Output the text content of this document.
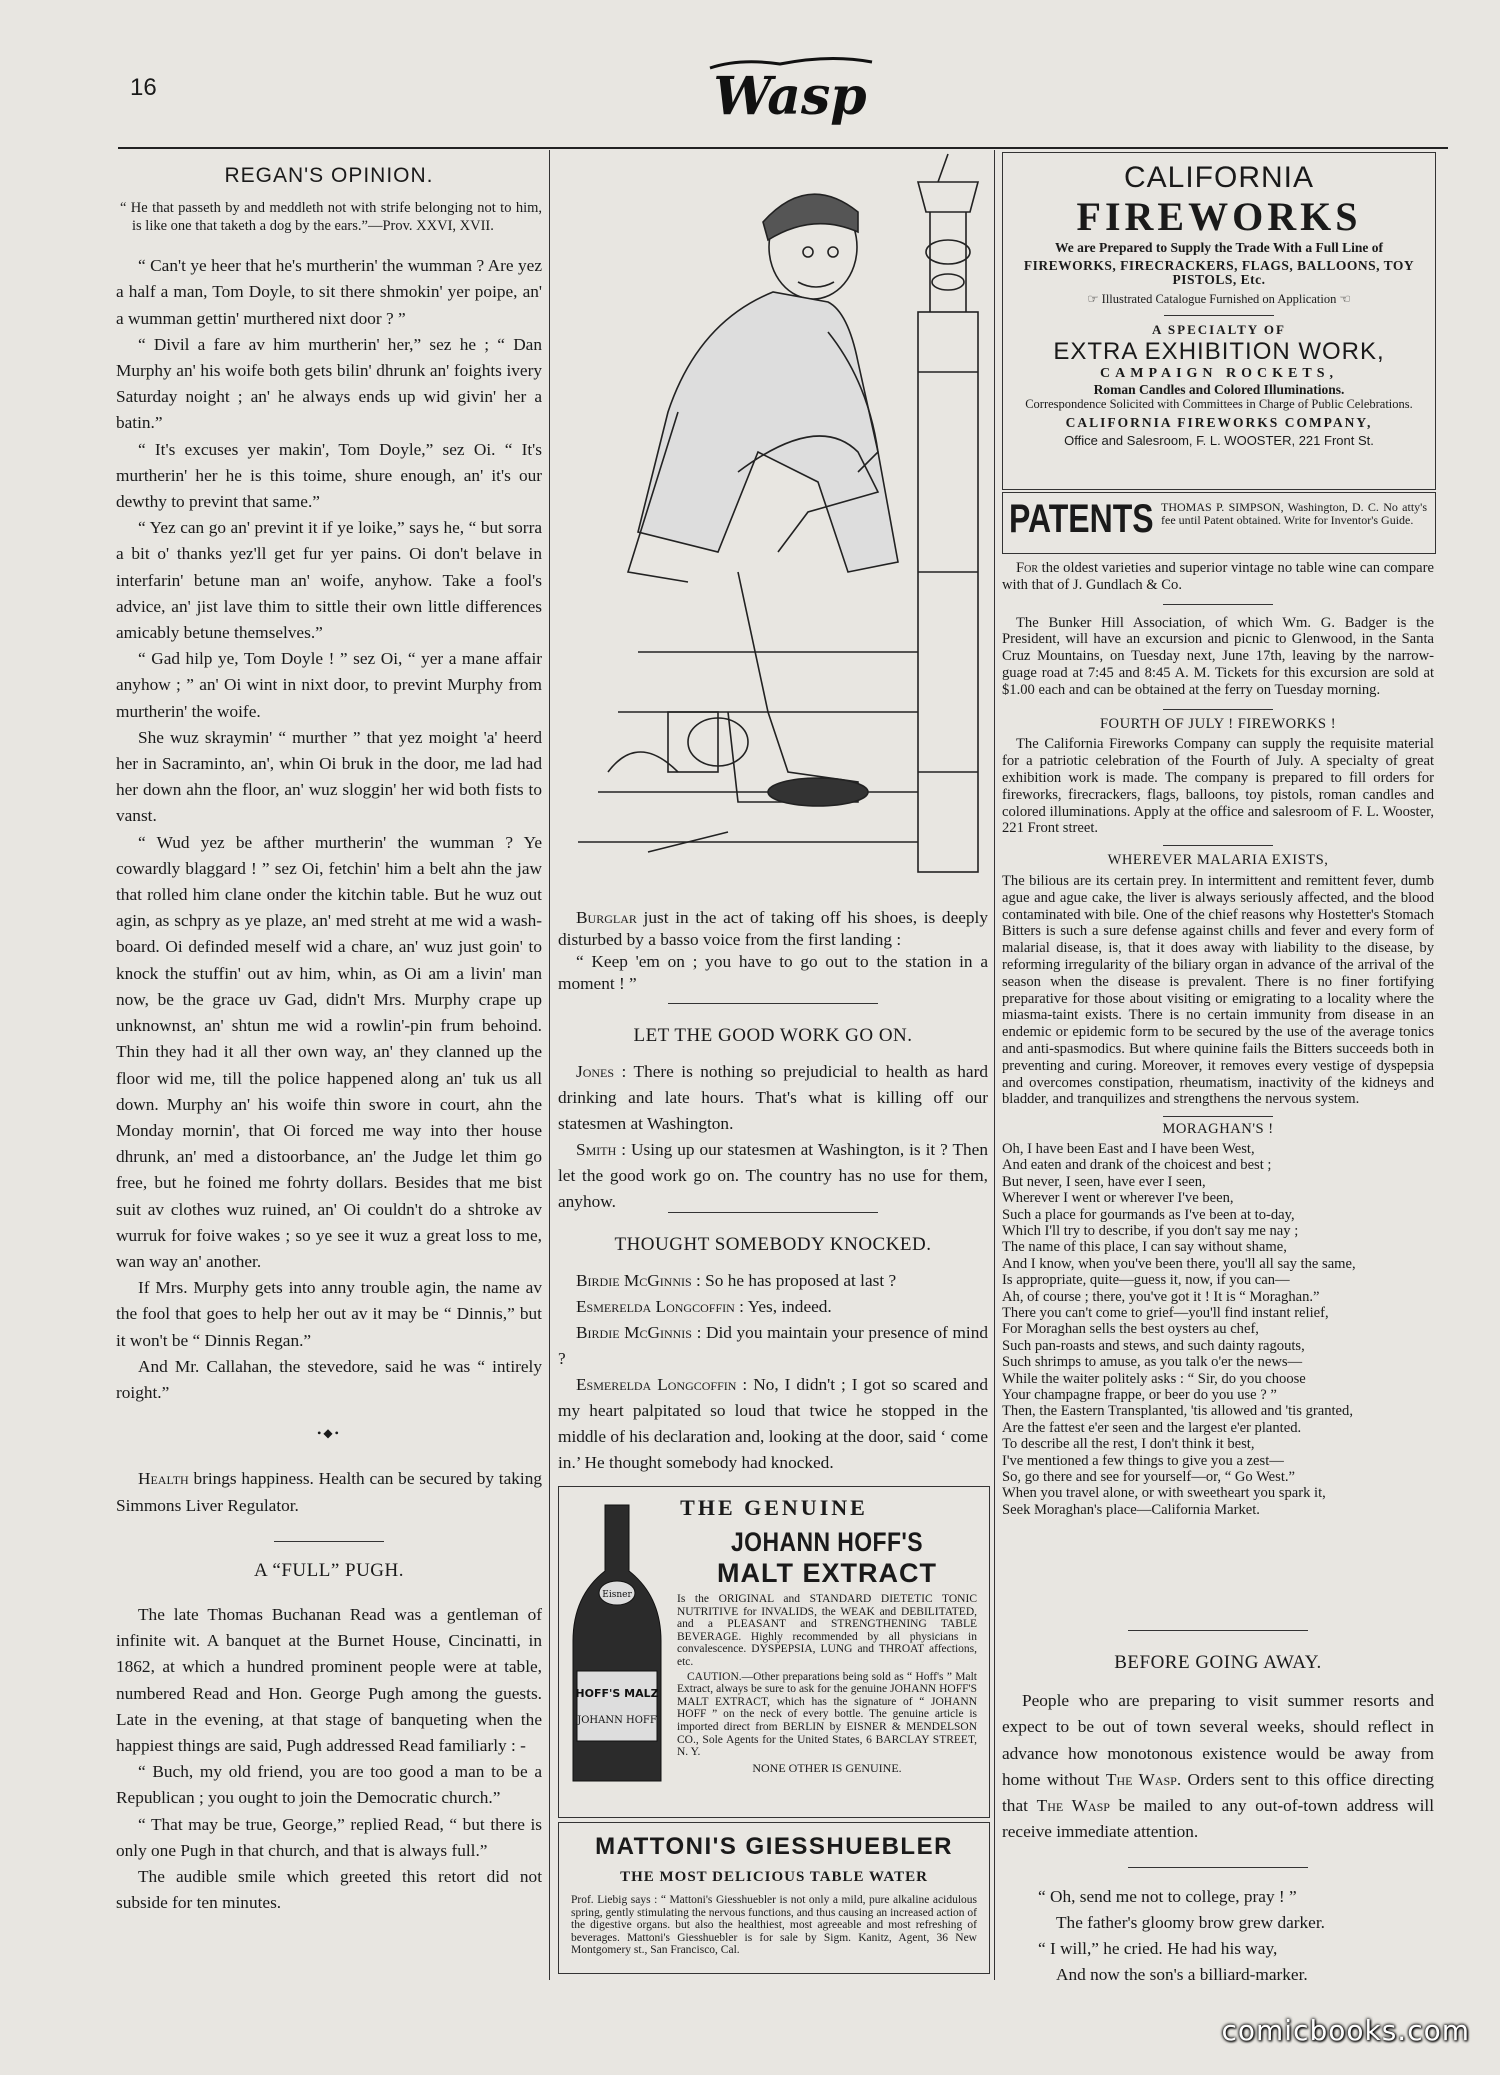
16	Wasp
REGAN'S OPINION.
“ He that passeth by and meddleth not with strife belonging not to him, is like one that taketh a dog by the ears.”—Prov. XXVI, XVII.

“ Can't ye heer that he's murtherin' the wumman ? Are yez a half a man, Tom Doyle, to sit there shmokin' yer poipe, an' a wumman gettin' murthered nixt door ? ”

“ Divil a fare av him murtherin' her,” sez he ; “ Dan Murphy an' his woife both gets bilin' dhrunk an' foights ivery Saturday noight ; an' he always ends up wid givin' her a batin.”

“ It's excuses yer makin', Tom Doyle,” sez Oi. “ It's murtherin' her he is this toime, shure enough, an' it's our dewthy to prevint that same.”

“ Yez can go an' prevint it if ye loike,” says he, “ but sorra a bit o' thanks yez'll get fur yer pains. Oi don't belave in interfarin' betune man an' woife, anyhow. Take a fool's advice, an' jist lave thim to sittle their own little differences amicably betune themselves.”

“ Gad hilp ye, Tom Doyle ! ” sez Oi, “ yer a mane affair anyhow ; ” an' Oi wint in nixt door, to prevint Murphy from murtherin' the woife.

She wuz skraymin' “ murther ” that yez moight 'a' heerd her in Sacraminto, an', whin Oi bruk in the door, me lad had her down ahn the floor, an' wuz sloggin' her wid both fists to vanst.

“ Wud yez be afther murtherin' the wumman ? Ye cowardly blaggard ! ” sez Oi, fetchin' him a belt ahn the jaw that rolled him clane onder the kitchin table. But he wuz out agin, as schpry as ye plaze, an' med streht at me wid a wash-board. Oi definded meself wid a chare, an' wuz just goin' to knock the stuffin' out av him, whin, as Oi am a livin' man now, be the grace uv Gad, didn't Mrs. Murphy crape up unknownst, an' shtun me wid a rowlin'-pin frum behoind. Thin they had it all ther own way, an' they clanned up the floor wid me, till the police happened along an' tuk us all down. Murphy an' his woife thin swore in court, ahn the Monday mornin', that Oi forced me way into ther house dhrunk, an' med a distoorbance, an' the Judge let thim go free, but he foined me fohrty dollars. Besides that me bist suit av clothes wuz ruined, an' Oi couldn't do a shtroke av wurruk for foive wakes ; so ye see it wuz a great loss to me, wan way an' another.

If Mrs. Murphy gets into anny trouble agin, the name av the fool that goes to help her out av it may be “ Dinnis,” but it won't be “ Dinnis Regan.”

And Mr. Callahan, the stevedore, said he was “ intirely roight.”

•◆•

Health brings happiness. Health can be secured by taking Simmons Liver Regulator.

A “FULL” PUGH.

The late Thomas Buchanan Read was a gentleman of infinite wit. A banquet at the Burnet House, Cincinatti, in 1862, at which a hundred prominent people were at table, numbered Read and Hon. George Pugh among the guests. Late in the evening, at that stage of banqueting when the happiest things are said, Pugh addressed Read familiarly : -

“ Buch, my old friend, you are too good a man to be a Republican ; you ought to join the Democratic church.”

“ That may be true, George,” replied Read, “ but there is only one Pugh in that church, and that is always full.”

The audible smile which greeted this retort did not subside for ten minutes.

Burglar just in the act of taking off his shoes, is deeply disturbed by a basso voice from the first landing :

“ Keep 'em on ; you have to go out to the station in a moment ! ”

LET THE GOOD WORK GO ON.

Jones : There is nothing so prejudicial to health as hard drinking and late hours. That's what is killing off our statesmen at Washington.

Smith : Using up our statesmen at Washington, is it ? Then let the good work go on. The country has no use for them, anyhow.

THOUGHT SOMEBODY KNOCKED.

Birdie McGinnis : So he has proposed at last ?

Esmerelda Longcoffin : Yes, indeed.

Birdie McGinnis : Did you maintain your presence of mind ?

Esmerelda Longcoffin : No, I didn't ; I got so scared and my heart palpitated so loud that twice he stopped in the middle of his declaration and, looking at the door, said ‘ come in.’ He thought somebody had knocked.

THE GENUINE
Eisner
HOFF'S MALZ
JOHANN HOFF
JOHANN HOFF'S
MALT EXTRACT
Is the ORIGINAL and STANDARD DIETETIC TONIC NUTRITIVE for INVALIDS, the WEAK and DEBILITATED, and a PLEASANT and STRENGTHENING TABLE BEVERAGE. Highly recommended by all physicians in convalescence. DYSPEPSIA, LUNG and THROAT affections, etc.
CAUTION.—Other preparations being sold as “ Hoff's ” Malt Extract, always be sure to ask for the genuine JOHANN HOFF'S MALT EXTRACT, which has the signature of “ JOHANN HOFF ” on the neck of every bottle. The genuine article is imported direct from BERLIN by EISNER & MENDELSON CO., Sole Agents for the United States, 6 BARCLAY STREET, N. Y.
NONE OTHER IS GENUINE.
MATTONI'S GIESSHUEBLER
THE MOST DELICIOUS TABLE WATER
Prof. Liebig says : “ Mattoni's Giesshuebler is not only a mild, pure alkaline acidulous spring, gently stimulating the nervous functions, and thus causing an increased action of the digestive organs. but also the healthiest, most agreeable and most refreshing of beverages. Mattoni's Giesshuebler is for sale by Sigm. Kanitz, Agent, 36 New Montgomery st., San Francisco, Cal.
CALIFORNIA
FIREWORKS
We are Prepared to Supply the Trade With a Full Line of
FIREWORKS, FIRECRACKERS, FLAGS, BALLOONS, TOY PISTOLS, Etc.
☞ Illustrated Catalogue Furnished on Application ☜
A SPECIALTY OF
EXTRA EXHIBITION WORK,
CAMPAIGN ROCKETS,
Roman Candles and Colored Illuminations.
Correspondence Solicited with Committees in Charge of Public Celebrations.
CALIFORNIA FIREWORKS COMPANY,
Office and Salesroom, F. L. WOOSTER, 221 Front St.
PATENTS THOMAS P. SIMPSON, Washington, D. C. No atty's fee until Patent obtained. Write for Inventor's Guide.

For the oldest varieties and superior vintage no table wine can compare with that of J. Gundlach & Co.

The Bunker Hill Association, of which Wm. G. Badger is the President, will have an excursion and picnic to Glenwood, in the Santa Cruz Mountains, on Tuesday next, June 17th, leaving by the narrow-guage road at 7:45 and 8:45 A. M. Tickets for this excursion are sold at $1.00 each and can be obtained at the ferry on Tuesday morning.

FOURTH OF JULY ! FIREWORKS !

The California Fireworks Company can supply the requisite material for a patriotic celebration of the Fourth of July. A specialty of great exhibition work is made. The company is prepared to fill orders for fireworks, firecrackers, flags, balloons, toy pistols, roman candles and colored illuminations. Apply at the office and salesroom of F. L. Wooster, 221 Front street.

WHEREVER MALARIA EXISTS,

The bilious are its certain prey. In intermittent and remittent fever, dumb ague and ague cake, the liver is always seriously affected, and the blood contaminated with bile. One of the chief reasons why Hostetter's Stomach Bitters is such a sure defense against chills and fever and every form of malarial disease, is, that it does away with liability to the disease, by reforming irregularity of the biliary organ in advance of the arrival of the season when the disease is prevalent. There is no finer fortifying preparative for those about visiting or emigrating to a locality where the miasma-taint exists. There is no certain immunity from disease in an endemic or epidemic form to be secured by the use of the average tonics and anti-spasmodics. But where quinine fails the Bitters succeeds both in preventing and curing. Moreover, it removes every vestige of dyspepsia and overcomes constipation, rheumatism, inactivity of the kidneys and bladder, and tranquilizes and strengthens the nervous system.

MORAGHAN'S !
Oh, I have been East and I have been West,
And eaten and drank of the choicest and best ;
But never, I seen, have ever I seen,
Wherever I went or wherever I've been,
Such a place for gourmands as I've been at to-day,
Which I'll try to describe, if you don't say me nay ;
The name of this place, I can say without shame,
And I know, when you've been there, you'll all say the same,
Is appropriate, quite—guess it, now, if you can—
Ah, of course ; there, you've got it ! It is “ Moraghan.”
There you can't come to grief—you'll find instant relief,
For Moraghan sells the best oysters au chef,
Such pan-roasts and stews, and such dainty ragouts,
Such shrimps to amuse, as you talk o'er the news—
While the waiter politely asks : “ Sir, do you choose
Your champagne frappe, or beer do you use ? ”
Then, the Eastern Transplanted, 'tis allowed and 'tis granted,
Are the fattest e'er seen and the largest e'er planted.
To describe all the rest, I don't think it best,
I've mentioned a few things to give you a zest—
So, go there and see for yourself—or, “ Go West.”
When you travel alone, or with sweetheart you spark it,
Seek Moraghan's place—California Market.
BEFORE GOING AWAY.

People who are preparing to visit summer resorts and expect to be out of town several weeks, should reflect in advance how monotonous existence would be away from home without The Wasp. Orders sent to this office directing that The Wasp be mailed to any out-of-town address will receive immediate attention.

“ Oh, send me not to college, pray ! ”
The father's gloomy brow grew darker.
“ I will,” he cried. He had his way,
And now the son's a billiard-marker.
comicbooks.com
